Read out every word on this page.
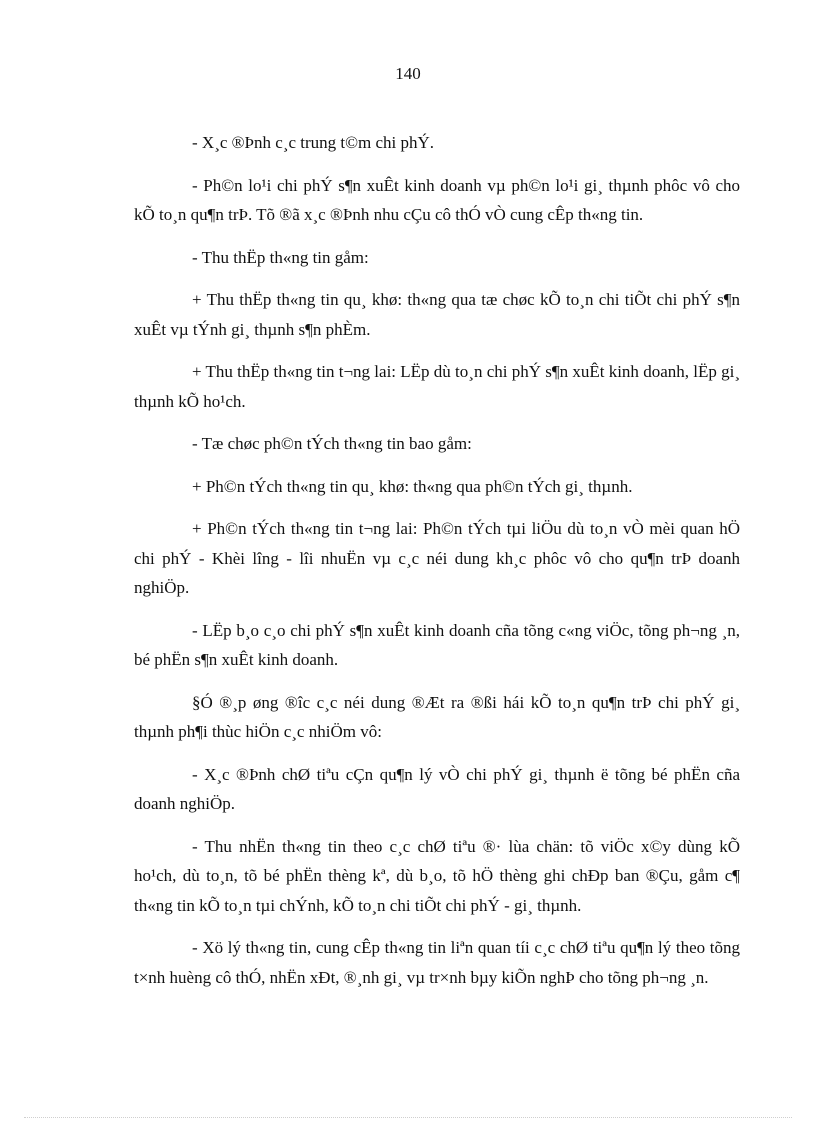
140

- X¸c ®Þnh c¸c trung t©m chi phÝ.

- Ph©n lo¹i chi phÝ s¶n xuÊt kinh doanh vµ ph©n lo¹i gi¸ thµnh phôc vô cho kÕ to¸n qu¶n trÞ. Tõ ®ã x¸c ®Þnh nhu cÇu cô thÓ vÒ cung cÊp th«ng tin.

- Thu thËp th«ng tin gåm:

+ Thu thËp th«ng tin qu¸ khø: th«ng qua tæ chøc kÕ to¸n chi tiÕt chi phÝ s¶n xuÊt vµ tÝnh gi¸ thµnh s¶n phÈm.

+ Thu thËp th«ng tin t¬ng lai: LËp dù to¸n chi phÝ s¶n xuÊt kinh doanh, lËp gi¸ thµnh kÕ ho¹ch.

- Tæ chøc ph©n tÝch th«ng tin bao gåm:

+ Ph©n tÝch th«ng tin qu¸ khø: th«ng qua ph©n tÝch gi¸ thµnh.

+ Ph©n tÝch th«ng tin t¬ng lai: Ph©n tÝch tµi liÖu dù to¸n vÒ mèi quan hÖ chi phÝ - Khèi lîng - lîi nhuËn vµ c¸c néi dung kh¸c phôc vô cho qu¶n trÞ doanh nghiÖp.

- LËp b¸o c¸o chi phÝ s¶n xuÊt kinh doanh cña tõng c«ng viÖc, tõng ph¬ng ¸n, bé phËn s¶n xuÊt kinh doanh.

§Ó ®¸p øng ®îc c¸c néi dung ®Æt ra ®ßi hái kÕ to¸n qu¶n trÞ chi phÝ gi¸ thµnh ph¶i thùc hiÖn c¸c nhiÖm vô:

- X¸c ®Þnh chØ tiªu cÇn qu¶n lý vÒ chi phÝ gi¸ thµnh ë tõng bé phËn cña doanh nghiÖp.

- Thu nhËn th«ng tin theo c¸c chØ tiªu ®· lùa chän: tõ viÖc x©y dùng kÕ ho¹ch, dù to¸n, tõ bé phËn thèng kª, dù b¸o, tõ hÖ thèng ghi chÐp ban ®Çu, gåm c¶ th«ng tin kÕ to¸n tµi chÝnh, kÕ to¸n chi tiÕt chi phÝ - gi¸ thµnh.

- Xö lý th«ng tin, cung cÊp th«ng tin liªn quan tíi c¸c chØ tiªu qu¶n lý theo tõng t×nh huèng cô thÓ, nhËn xÐt, ®¸nh gi¸ vµ tr×nh bµy kiÕn nghÞ cho tõng ph¬ng ¸n.
